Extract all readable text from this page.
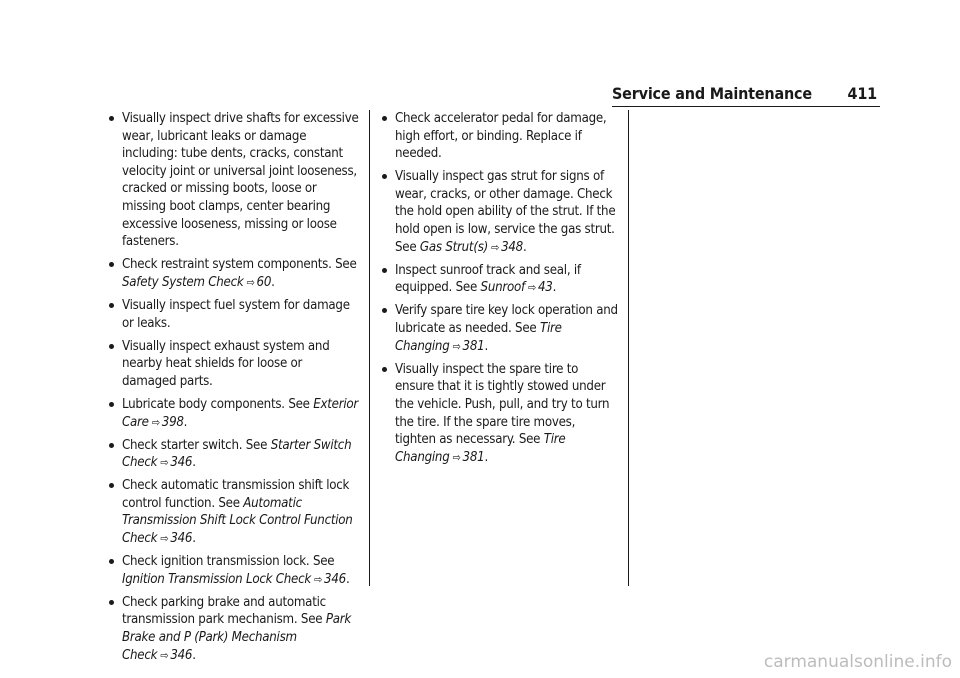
Service and Maintenance 411
Visually inspect drive shafts for excessive wear, lubricant leaks or damage including: tube dents, cracks, constant velocity joint or universal joint looseness, cracked or missing boots, loose or missing boot clamps, center bearing excessive looseness, missing or loose fasteners.
Check restraint system components. See Safety System Check ⇨ 60.
Visually inspect fuel system for damage or leaks.
Visually inspect exhaust system and nearby heat shields for loose or damaged parts.
Lubricate body components. See Exterior Care ⇨ 398.
Check starter switch. See Starter Switch Check ⇨ 346.
Check automatic transmission shift lock control function. See Automatic Transmission Shift Lock Control Function Check ⇨ 346.
Check ignition transmission lock. See Ignition Transmission Lock Check ⇨ 346.
Check parking brake and automatic transmission park mechanism. See Park Brake and P (Park) Mechanism Check ⇨ 346.
Check accelerator pedal for damage, high effort, or binding. Replace if needed.
Visually inspect gas strut for signs of wear, cracks, or other damage. Check the hold open ability of the strut. If the hold open is low, service the gas strut. See Gas Strut(s) ⇨ 348.
Inspect sunroof track and seal, if equipped. See Sunroof ⇨ 43.
Verify spare tire key lock operation and lubricate as needed. See Tire Changing ⇨ 381.
Visually inspect the spare tire to ensure that it is tightly stowed under the vehicle. Push, pull, and try to turn the tire. If the spare tire moves, tighten as necessary. See Tire Changing ⇨ 381.
carmanualsonline.info
